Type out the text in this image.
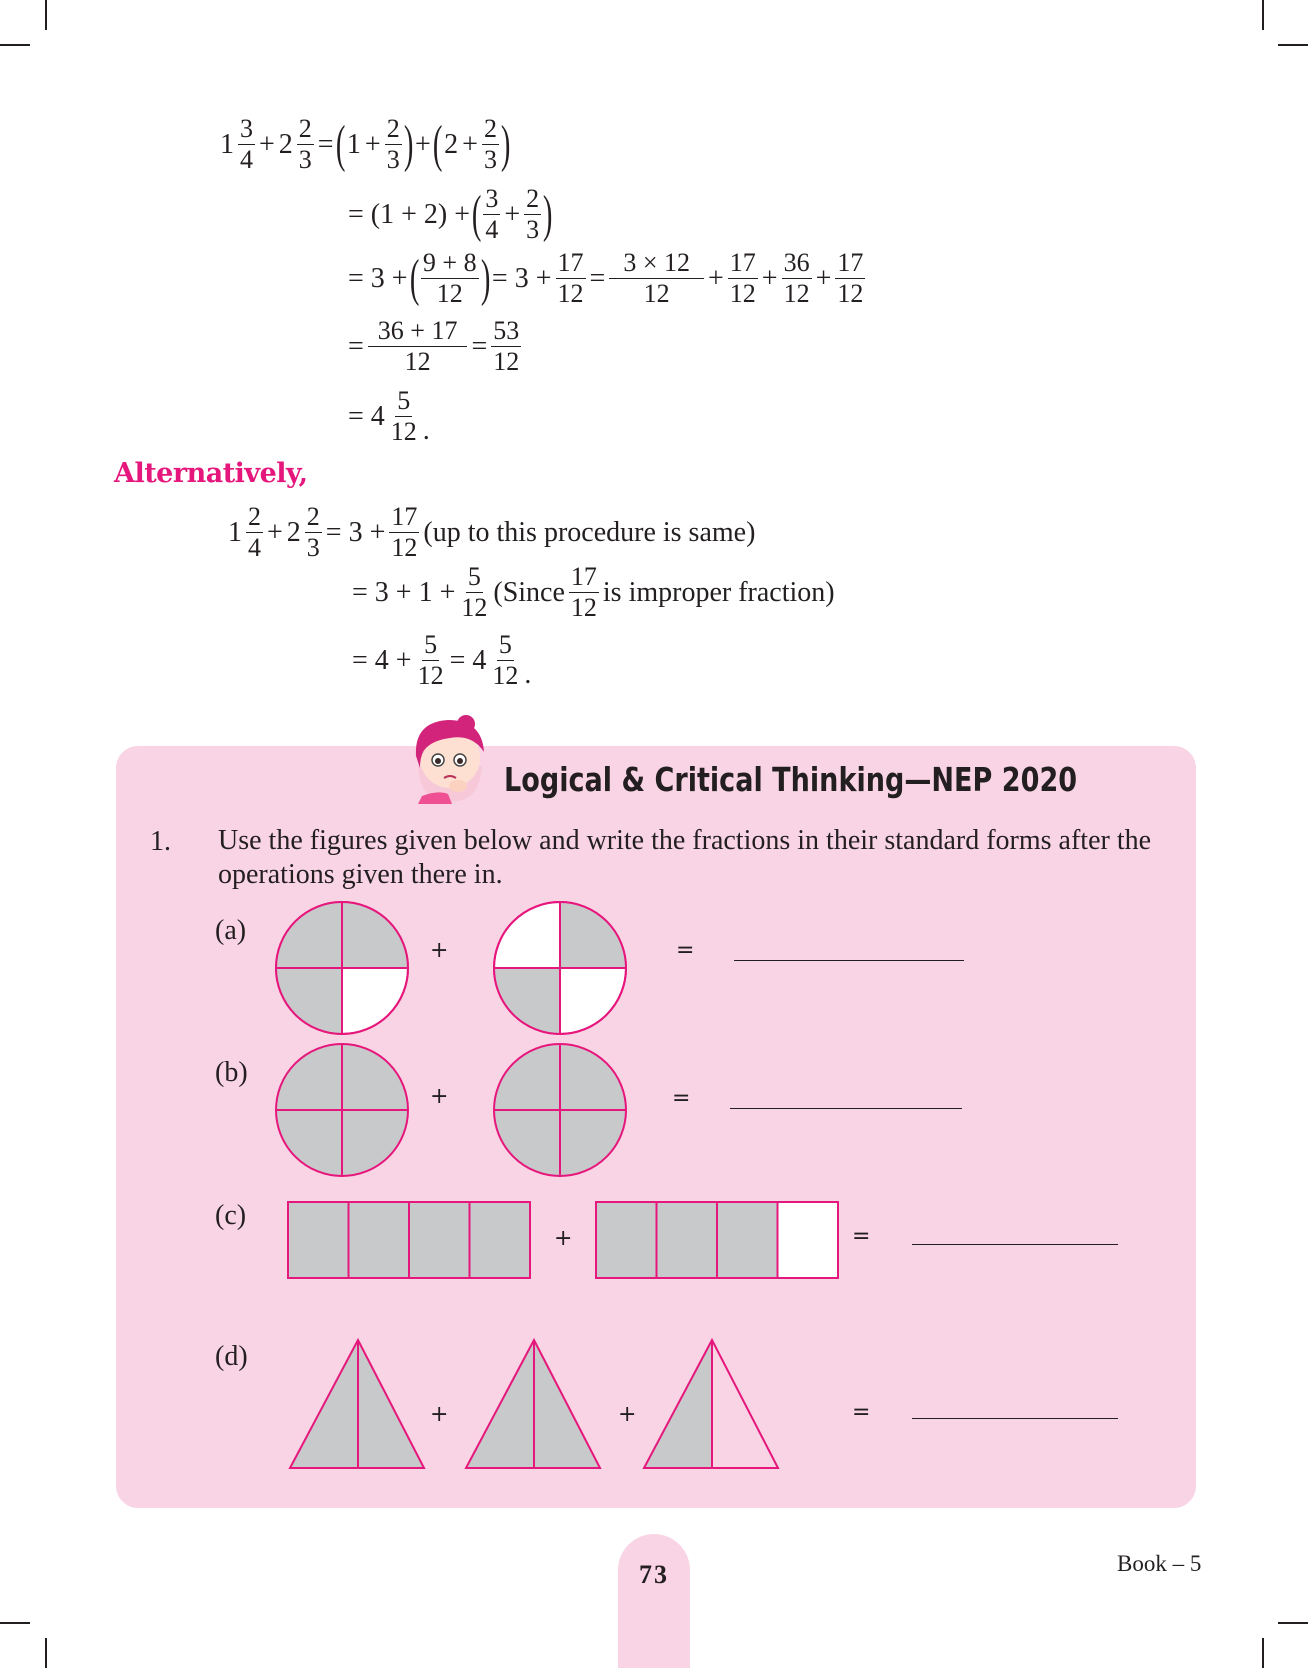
$1 \frac{3}{4} + 2 \frac{2}{3}$ = ( $1 + \frac{2}{3}$ ) + ( $2 + \frac{2}{3}$ )
= (1 + 2) + ( $\frac{3}{4} + \frac{2}{3}$ )
= 3 + ( $\frac{9 + 8}{12}$ ) = $3 + \frac{17}{12} = \frac{3 \times 12}{12} + \frac{17}{12} + \frac{36}{12} + \frac{17}{12}$
= $\frac{36 + 17}{12} = \frac{53}{12}$
= $4 \frac{5}{12}$ .
Alternatively,
$1 \frac{2}{4} + 2 \frac{2}{3} = 3 + \frac{17}{12} (up$ to this procedure is same)
= $3 + 1 + \frac{5}{12}$ (Since $\frac{17}{12}$ is improper fraction)
= $4 + \frac{5}{12} = 4 \frac{5}{12}$ .
Logical & Critical Thinking—NEP 2020
1. Use the figures given below and write the fractions in their standard forms after the operations given there in.
(a)
(b)
(c)
(d)
+	=
+	=
+	=
+	+	=
73	Book – 5
